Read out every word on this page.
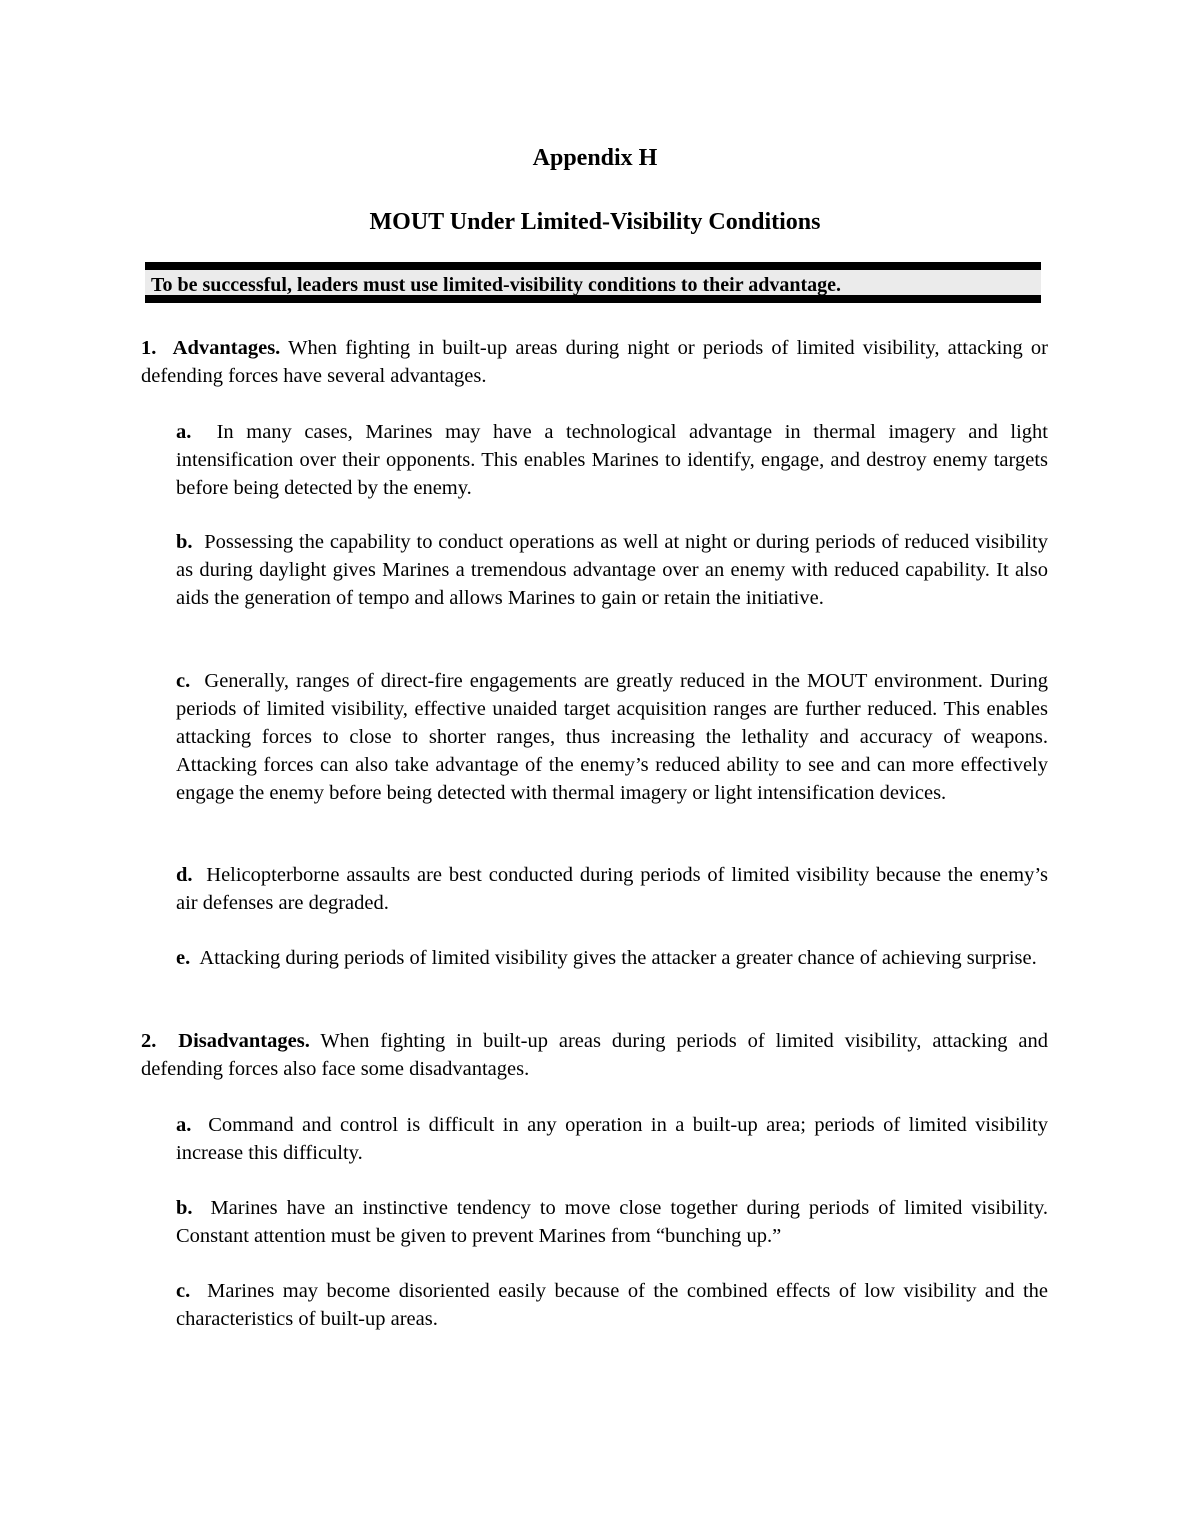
Appendix H
MOUT Under Limited-Visibility Conditions
To be successful, leaders must use limited-visibility conditions to their advantage.

1. Advantages. When fighting in built-up areas during night or periods of limited visibility, attacking or defending forces have several advantages.

a. In many cases, Marines may have a technological advantage in thermal imagery and light intensification over their opponents. This enables Marines to identify, engage, and destroy enemy targets before being detected by the enemy.

b. Possessing the capability to conduct operations as well at night or during periods of reduced visibility as during daylight gives Marines a tremendous advantage over an enemy with reduced capability. It also aids the generation of tempo and allows Marines to gain or retain the initiative.

c. Generally, ranges of direct-fire engagements are greatly reduced in the MOUT environment. During periods of limited visibility, effective unaided target acquisition ranges are further reduced. This enables attacking forces to close to shorter ranges, thus increasing the lethality and accuracy of weapons. Attacking forces can also take advantage of the enemy’s reduced ability to see and can more effectively engage the enemy before being detected with thermal imagery or light intensification devices.

d. Helicopterborne assaults are best conducted during periods of limited visibility because the enemy’s air defenses are degraded.

e. Attacking during periods of limited visibility gives the attacker a greater chance of achieving surprise.

2. Disadvantages. When fighting in built-up areas during periods of limited visibility, attacking and defending forces also face some disadvantages.

a. Command and control is difficult in any operation in a built-up area; periods of limited visibility increase this difficulty.

b. Marines have an instinctive tendency to move close together during periods of limited visibility. Constant attention must be given to prevent Marines from “bunching up.”

c. Marines may become disoriented easily because of the combined effects of low visibility and the characteristics of built-up areas.
